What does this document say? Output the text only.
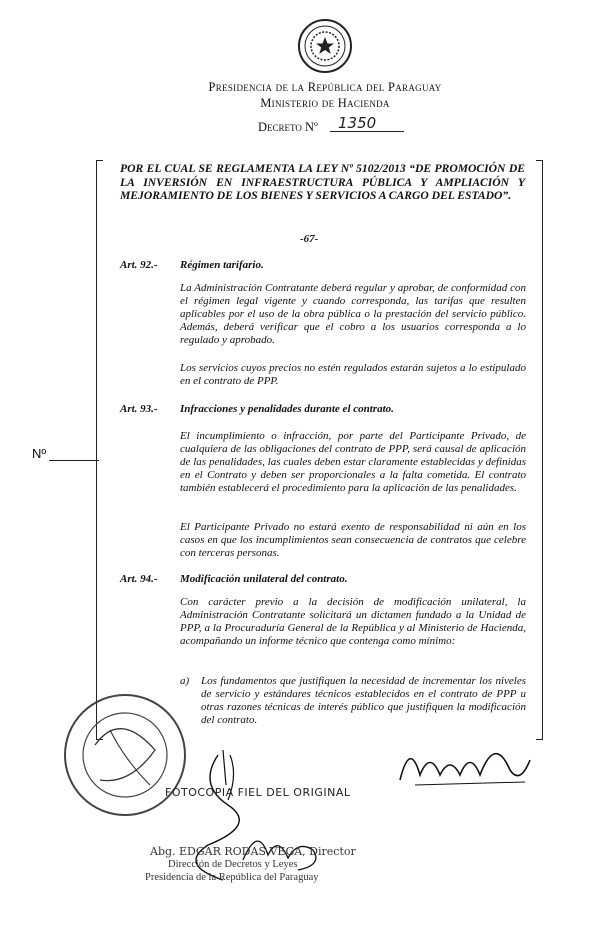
Presidencia de la República del Paraguay
Ministerio de Hacienda
Decreto Nº 1350
Nº
POR EL CUAL SE REGLAMENTA LA LEY Nº 5102/2013 “DE PROMOCIÓN DE LA INVERSIÓN EN INFRAESTRUCTURA PÚBLICA Y AMPLIACIÓN Y MEJORAMIENTO DE LOS BIENES Y SERVICIOS A CARGO DEL ESTADO”.
-67-
Art. 92.- Régimen tarifario.
La Administración Contratante deberá regular y aprobar, de conformidad con el régimen legal vigente y cuando corresponda, las tarifas que resulten aplicables por el uso de la obra pública o la prestación del servicio público. Además, deberá verificar que el cobro a los usuarios corresponda a lo regulado y aprobado.
Los servicios cuyos precios no estén regulados estarán sujetos a lo estipulado en el contrato de PPP.
Art. 93.- Infracciones y penalidades durante el contrato.
El incumplimiento o infracción, por parte del Participante Privado, de cualquiera de las obligaciones del contrato de PPP, será causal de aplicación de las penalidades, las cuales deben estar claramente establecidas y definidas en el Contrato y deben ser proporcionales a la falta cometida. El contrato también establecerá el procedimiento para la aplicación de las penalidades.
El Participante Privado no estará exento de responsabilidad ni aún en los casos en que los incumplimientos sean consecuencia de contratos que celebre con terceras personas.
Art. 94.- Modificación unilateral del contrato.
Con carácter previo a la decisión de modificación unilateral, la Administración Contratante solicitará un dictamen fundado a la Unidad de PPP, a la Procuraduría General de la República y al Ministerio de Hacienda, acompañando un informe técnico que contenga como mínimo:
a) Los fundamentos que justifiquen la necesidad de incrementar los niveles de servicio y estándares técnicos establecidos en el contrato de PPP u otras razones técnicas de interés público que justifiquen la modificación del contrato.
FOTOCOPIA FIEL DEL ORIGINAL
Abg. EDGAR RODAS VEGA, Director
Dirección de Decretos y Leyes
Presidencia de la República del Paraguay
